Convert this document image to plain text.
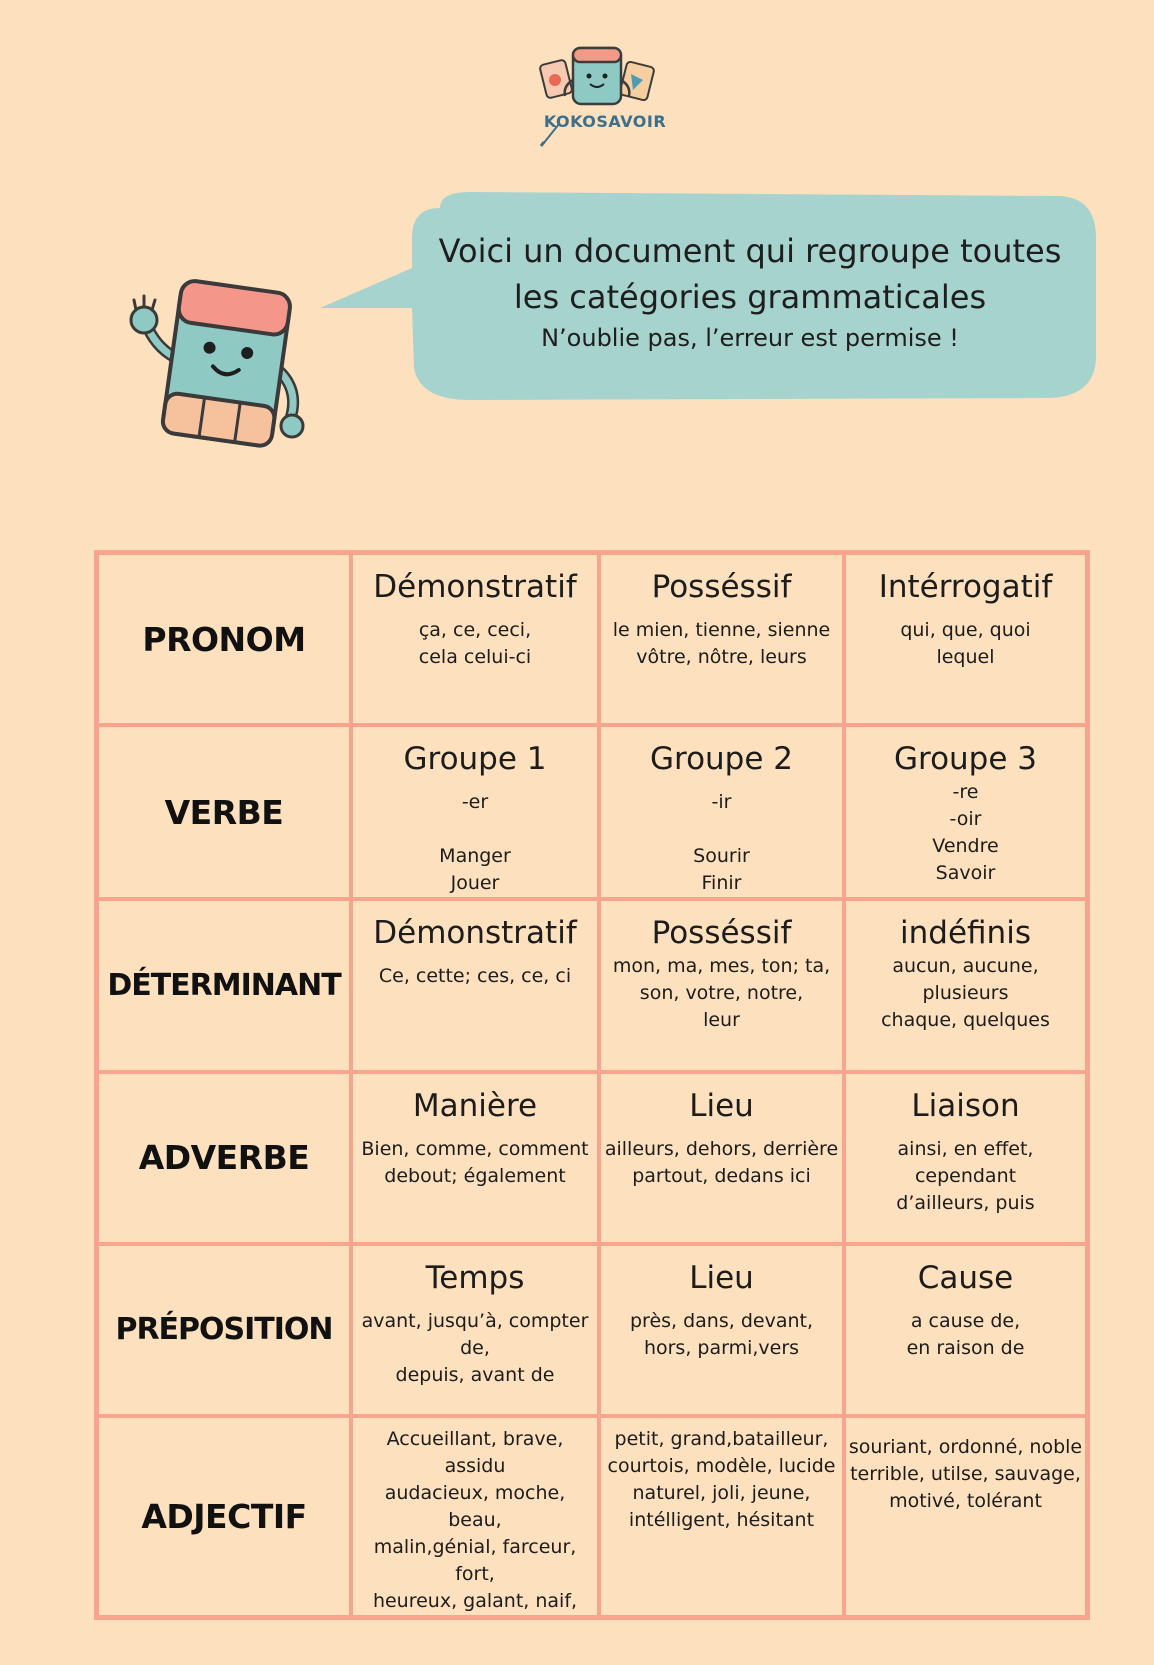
KOKOSAVOIR
Voici un document qui regroupe toutes
les catégories grammaticales
N’oublie pas, l’erreur est permise !
PRONOM
Démonstratif
ça, ce, ceci,
cela celui-ci
Posséssif
le mien, tienne, sienne
vôtre, nôtre, leurs
Intérrogatif
qui, que, quoi
lequel
VERBE
Groupe 1
-er

Manger
Jouer
Groupe 2
-ir

Sourir
Finir
Groupe 3
-re
-oir
Vendre
Savoir
DÉTERMINANT
Démonstratif
Ce, cette; ces, ce, ci
Posséssif
mon, ma, mes, ton; ta,
son, votre, notre,
leur
indéfinis
aucun, aucune, plusieurs
chaque, quelques
ADVERBE
Manière
Bien, comme, comment
debout; également
Lieu
ailleurs, dehors, derrière
partout, dedans ici
Liaison
ainsi, en effet, cependant
d’ailleurs, puis
PRÉPOSITION
Temps
avant, jusqu’à, compter de,
depuis, avant de
Lieu
près, dans, devant,
hors, parmi,vers
Cause
a cause de,
en raison de
ADJECTIF
Accueillant, brave, assidu
audacieux, moche, beau,
malin,génial, farceur, fort,
heureux, galant, naif,
petit, grand,batailleur,
courtois, modèle, lucide
naturel, joli, jeune,
intélligent, hésitant
souriant, ordonné, noble
terrible, utilse, sauvage,
motivé, tolérant
